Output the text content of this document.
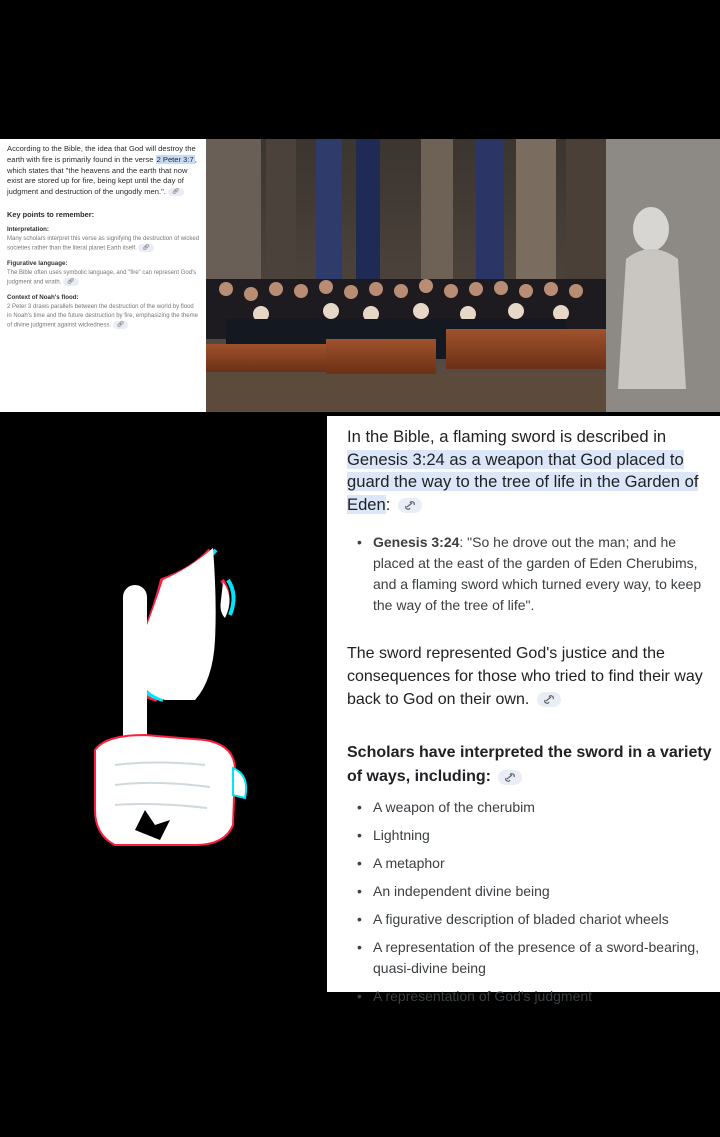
According to the Bible, the idea that God will destroy the earth with fire is primarily found in the verse 2 Peter 3:7, which states that "the heavens and the earth that now exist are stored up for fire, being kept until the day of judgment and destruction of the ungodly men.". 🔗︎

Key points to remember:
Interpretation:

Many scholars interpret this verse as signifying the destruction of wicked societies rather than the literal planet Earth itself. 🔗︎

Figurative language:

The Bible often uses symbolic language, and "fire" can represent God's judgment and wrath. 🔗︎

Context of Noah's flood:

2 Peter 3 draws parallels between the destruction of the world by flood in Noah's time and the future destruction by fire, emphasizing the theme of divine judgment against wickedness. 🔗︎

In the Bible, a flaming sword is described in Genesis 3:24 as a weapon that God placed to guard the way to the tree of life in the Garden of Eden:

• Genesis 3:24: "So he drove out the man; and he placed at the east of the garden of Eden Cherubims, and a flaming sword which turned every way, to keep the way of the tree of life".

The sword represented God's justice and the consequences for those who tried to find their way back to God on their own.

Scholars have interpreted the sword in a variety of ways, including:

• A weapon of the cherubim
• Lightning
• A metaphor
• An independent divine being
• A figurative description of bladed chariot wheels
• A representation of the presence of a sword-bearing, quasi-divine being
• A representation of God's judgment
